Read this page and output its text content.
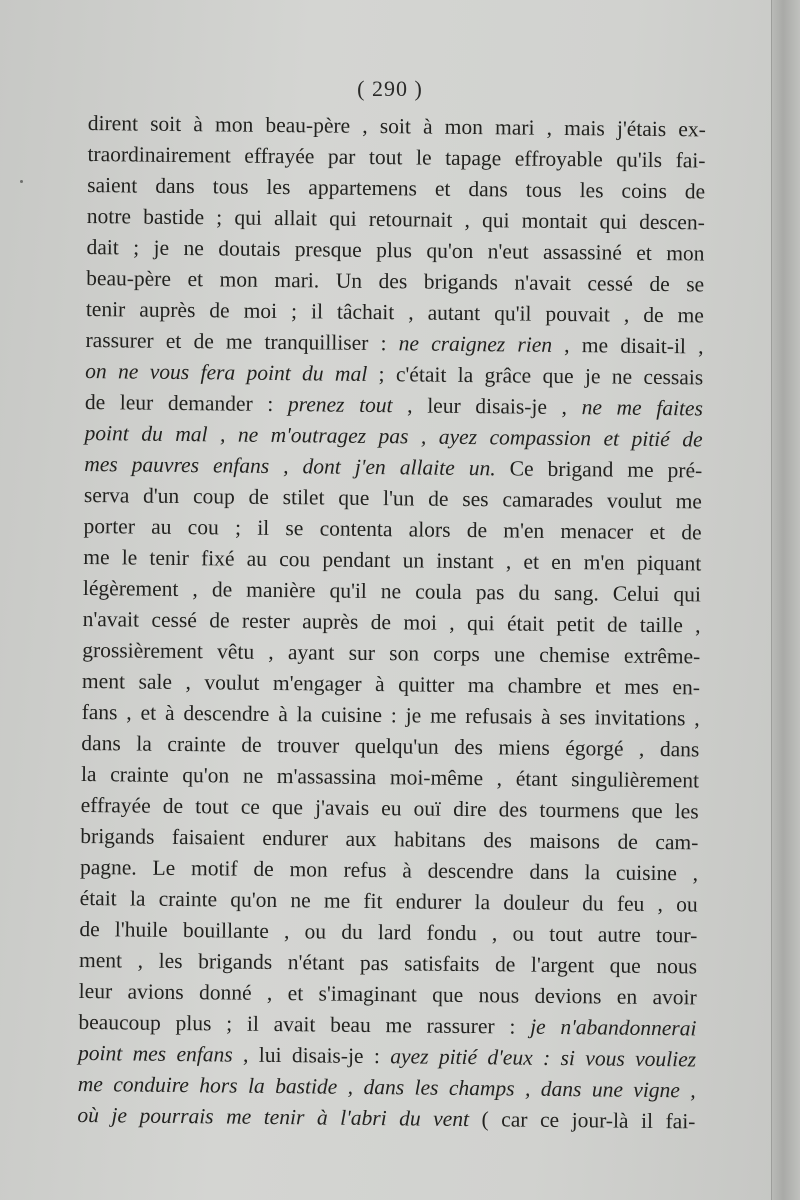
( 290 )
dirent soit à mon beau-père , soit à mon mari , mais j'étais ex-
traordinairement effrayée par tout le tapage effroyable qu'ils fai-
saient dans tous les appartemens et dans tous les coins de
notre bastide ; qui allait qui retournait , qui montait qui descen-
dait ; je ne doutais presque plus qu'on n'eut assassiné et mon
beau-père et mon mari. Un des brigands n'avait cessé de se
tenir auprès de moi ; il tâchait , autant qu'il pouvait , de me
rassurer et de me tranquilliser : ne craignez rien , me disait-il ,
on ne vous fera point du mal ; c'était la grâce que je ne cessais
de leur demander : prenez tout , leur disais-je , ne me faites
point du mal , ne m'outragez pas , ayez compassion et pitié de
mes pauvres enfans , dont j'en allaite un. Ce brigand me pré-
serva d'un coup de stilet que l'un de ses camarades voulut me
porter au cou ; il se contenta alors de m'en menacer et de
me le tenir fixé au cou pendant un instant , et en m'en piquant
légèrement , de manière qu'il ne coula pas du sang. Celui qui
n'avait cessé de rester auprès de moi , qui était petit de taille ,
grossièrement vêtu , ayant sur son corps une chemise extrême-
ment sale , voulut m'engager à quitter ma chambre et mes en-
fans , et à descendre à la cuisine : je me refusais à ses invitations ,
dans la crainte de trouver quelqu'un des miens égorgé , dans
la crainte qu'on ne m'assassina moi-même , étant singulièrement
effrayée de tout ce que j'avais eu ouï dire des tourmens que les
brigands faisaient endurer aux habitans des maisons de cam-
pagne. Le motif de mon refus à descendre dans la cuisine ,
était la crainte qu'on ne me fit endurer la douleur du feu , ou
de l'huile bouillante , ou du lard fondu , ou tout autre tour-
ment , les brigands n'étant pas satisfaits de l'argent que nous
leur avions donné , et s'imaginant que nous devions en avoir
beaucoup plus ; il avait beau me rassurer : je n'abandonnerai
point mes enfans , lui disais-je : ayez pitié d'eux : si vous vouliez
me conduire hors la bastide , dans les champs , dans une vigne ,
où je pourrais me tenir à l'abri du vent ( car ce jour-là il fai-
